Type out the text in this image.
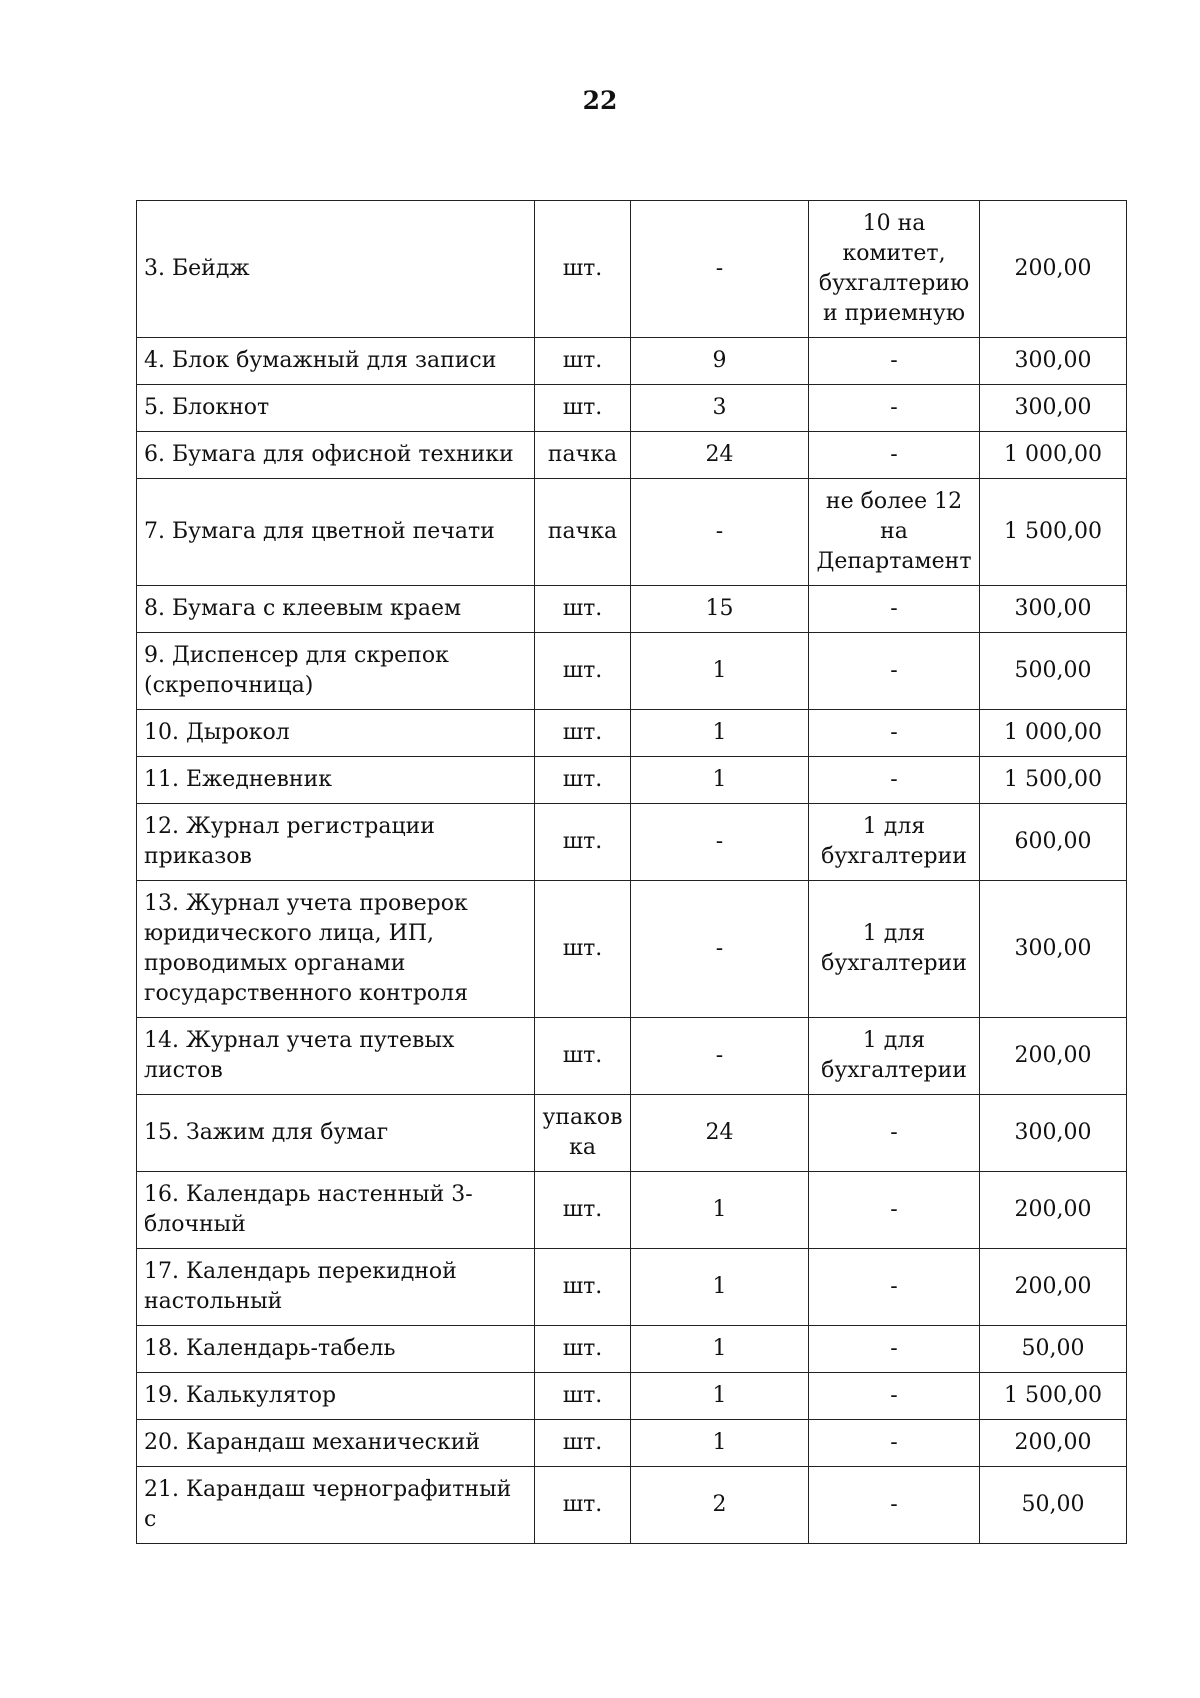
22
3. Бейдж	шт.	-	10 на комитет, бухгалтерию и приемную	200,00
4. Блок бумажный для записи	шт.	9	-	300,00
5. Блокнот	шт.	3	-	300,00
6. Бумага для офисной техники	пачка	24	-	1 000,00
7. Бумага для цветной печати	пачка	-	не более 12 на Департамент	1 500,00
8. Бумага с клеевым краем	шт.	15	-	300,00
9. Диспенсер для скрепок (скрепочница)	шт.	1	-	500,00
10. Дырокол	шт.	1	-	1 000,00
11. Ежедневник	шт.	1	-	1 500,00
12. Журнал регистрации приказов	шт.	-	1 для бухгалтерии	600,00
13. Журнал учета проверок юридического лица, ИП, проводимых органами государственного контроля	шт.	-	1 для бухгалтерии	300,00
14. Журнал учета путевых листов	шт.	-	1 для бухгалтерии	200,00
15. Зажим для бумаг	упаков ка	24	-	300,00
16. Календарь настенный 3-блочный	шт.	1	-	200,00
17. Календарь перекидной настольный	шт.	1	-	200,00
18. Календарь-табель	шт.	1	-	50,00
19. Калькулятор	шт.	1	-	1 500,00
20. Карандаш механический	шт.	1	-	200,00
21. Карандаш чернографитный с	шт.	2	-	50,00
